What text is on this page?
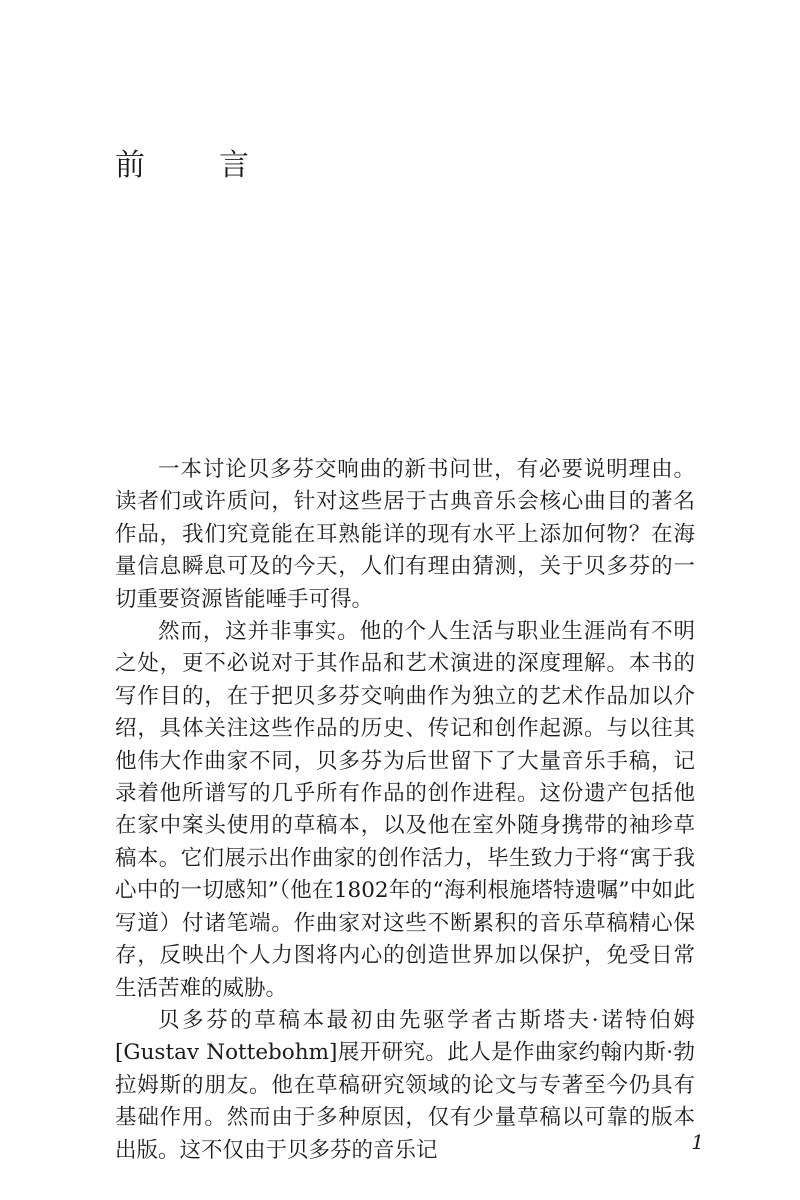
前　言

一本讨论贝多芬交响曲的新书问世，有必要说明理由。读者们或许质问，针对这些居于古典音乐会核心曲目的著名作品，我们究竟能在耳熟能详的现有水平上添加何物？在海量信息瞬息可及的今天，人们有理由猜测，关于贝多芬的一切重要资源皆能唾手可得。

然而，这并非事实。他的个人生活与职业生涯尚有不明之处，更不必说对于其作品和艺术演进的深度理解。本书的写作目的，在于把贝多芬交响曲作为独立的艺术作品加以介绍，具体关注这些作品的历史、传记和创作起源。与以往其他伟大作曲家不同，贝多芬为后世留下了大量音乐手稿，记录着他所谱写的几乎所有作品的创作进程。这份遗产包括他在家中案头使用的草稿本，以及他在室外随身携带的袖珍草稿本。它们展示出作曲家的创作活力，毕生致力于将“寓于我心中的一切感知”（他在1802年的“海利根施塔特遗嘱”中如此写道）付诸笔端。作曲家对这些不断累积的音乐草稿精心保存，反映出个人力图将内心的创造世界加以保护，免受日常生活苦难的威胁。

贝多芬的草稿本最初由先驱学者古斯塔夫·诺特伯姆[Gustav Nottebohm]展开研究。此人是作曲家约翰内斯·勃拉姆斯的朋友。他在草稿研究领域的论文与专著至今仍具有基础作用。然而由于多种原因，仅有少量草稿以可靠的版本出版。这不仅由于贝多芬的音乐记	1
